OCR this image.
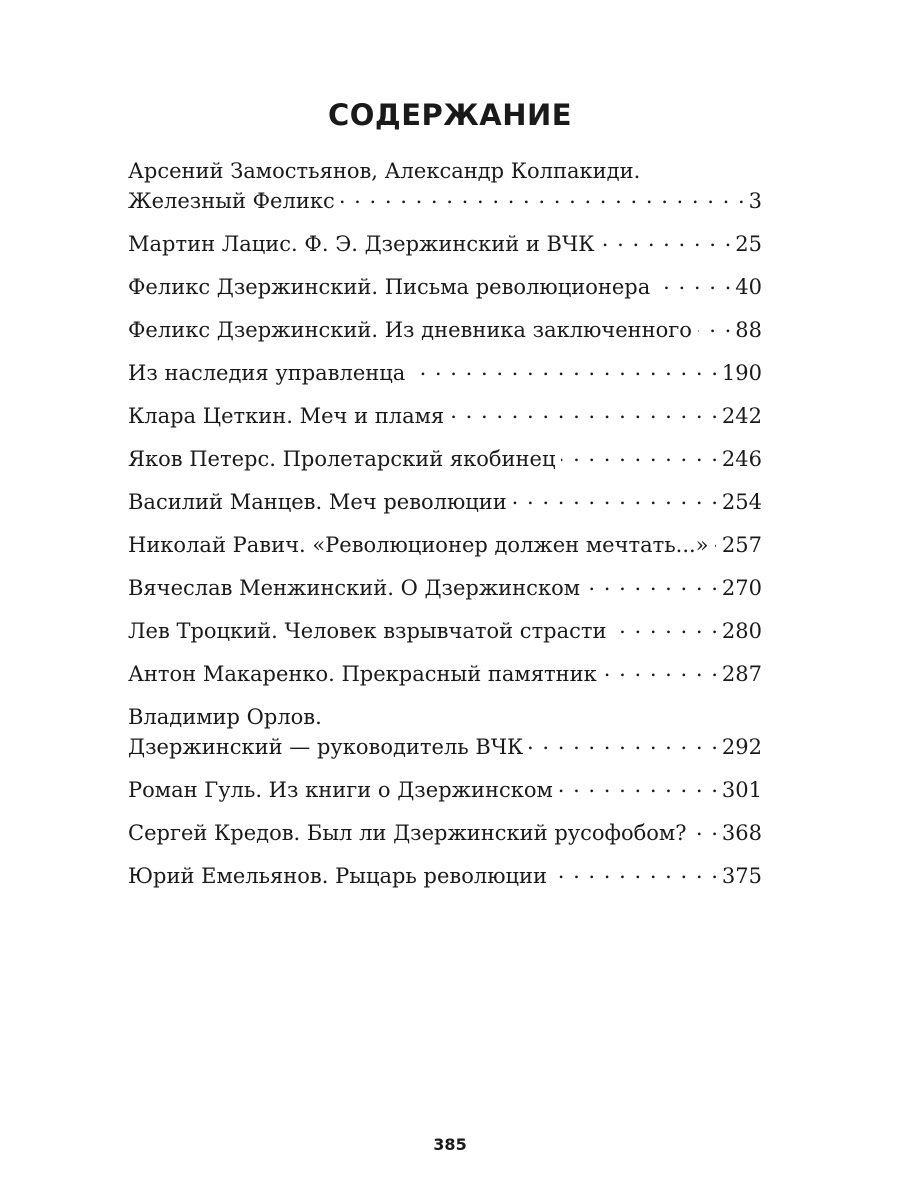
СОДЕРЖАНИЕ
Арсений Замостьянов, Александр Колпакиди.
Железный Феликс . . .	3
Мартин Лацис. Ф. Э. Дзержинский и ВЧК . . .	25
Феликс Дзержинский. Письма революционера . . .	40
Феликс Дзержинский. Из дневника заключенного . . . 88
Из наследия управленца . . .	190
Клара Цеткин. Меч и пламя . . .	242
Яков Петерс. Пролетарский якобинец . . .	246
Василий Манцев. Меч революции . . .	254
Николай Равич. «Революционер должен мечтать...» . . . 257
Вячеслав Менжинский. О Дзержинском . . .	270
Лев Троцкий. Человек взрывчатой страсти . . .	280
Антон Макаренко. Прекрасный памятник . . .	287
Владимир Орлов.
Дзержинский — руководитель ВЧК . . .	292
Роман Гуль. Из книги о Дзержинском . . .	301
Сергей Кредов. Был ли Дзержинский русофобом? . . . 368
Юрий Емельянов. Рыцарь революции . . .	375
385
